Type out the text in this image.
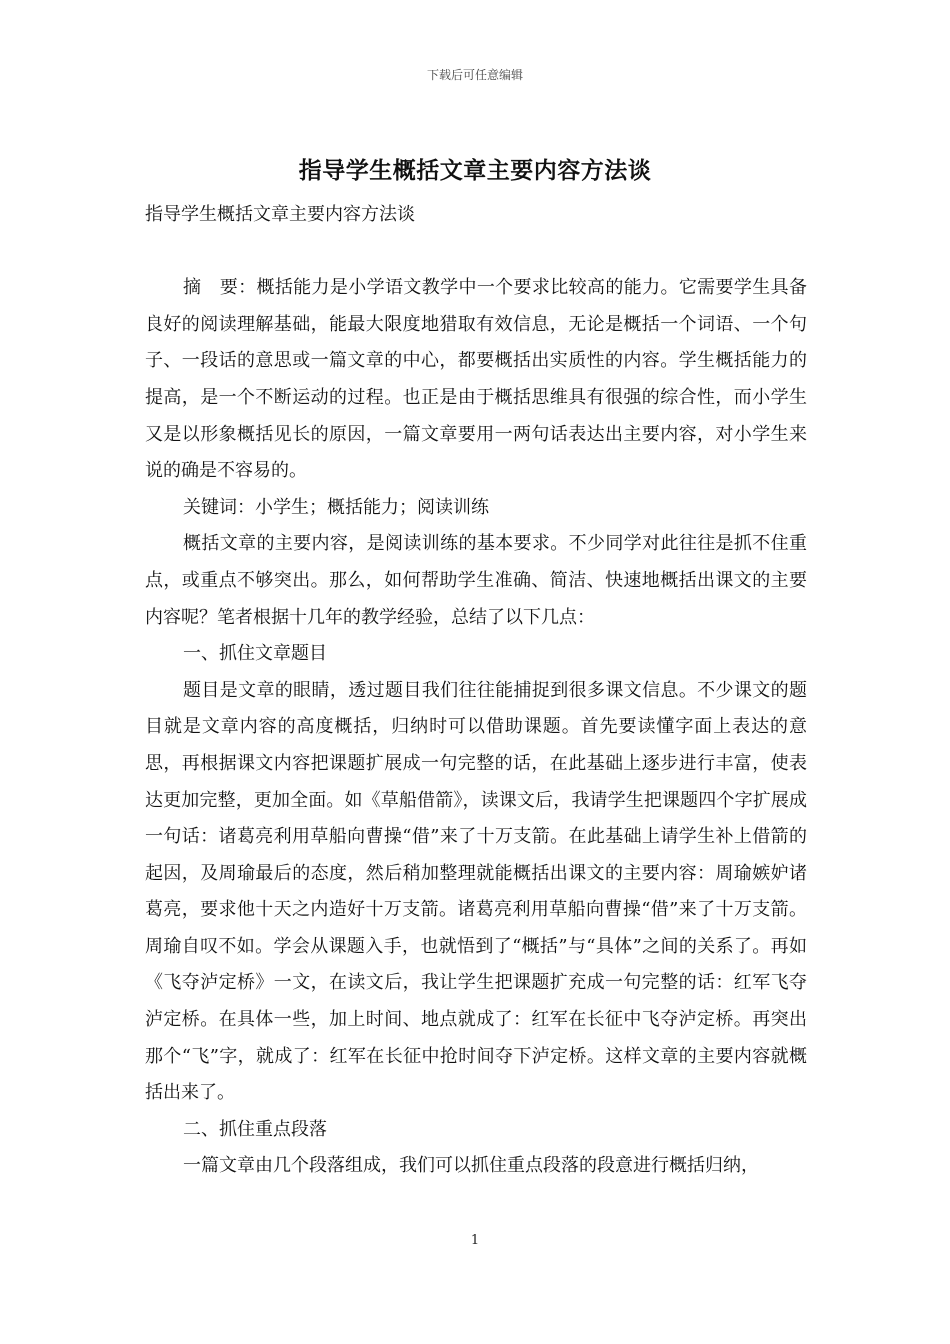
下载后可任意编辑
指导学生概括文章主要内容方法谈

指导学生概括文章主要内容方法谈

摘　要：概括能力是小学语文教学中一个要求比较高的能力。它需要学生具备良好的阅读理解基础，能最大限度地猎取有效信息，无论是概括一个词语、一个句子、一段话的意思或一篇文章的中心，都要概括出实质性的内容。学生概括能力的提高，是一个不断运动的过程。也正是由于概括思维具有很强的综合性，而小学生又是以形象概括见长的原因，一篇文章要用一两句话表达出主要内容，对小学生来说的确是不容易的。

关键词：小学生；概括能力；阅读训练

概括文章的主要内容，是阅读训练的基本要求。不少同学对此往往是抓不住重点，或重点不够突出。那么，如何帮助学生准确、简洁、快速地概括出课文的主要内容呢？笔者根据十几年的教学经验，总结了以下几点：

一、抓住文章题目

题目是文章的眼睛，透过题目我们往往能捕捉到很多课文信息。不少课文的题目就是文章内容的高度概括，归纳时可以借助课题。首先要读懂字面上表达的意思，再根据课文内容把课题扩展成一句完整的话，在此基础上逐步进行丰富，使表达更加完整，更加全面。如《草船借箭》，读课文后，我请学生把课题四个字扩展成一句话：诸葛亮利用草船向曹操“借”来了十万支箭。在此基础上请学生补上借箭的起因，及周瑜最后的态度，然后稍加整理就能概括出课文的主要内容：周瑜嫉妒诸葛亮，要求他十天之内造好十万支箭。诸葛亮利用草船向曹操“借”来了十万支箭。周瑜自叹不如。学会从课题入手，也就悟到了“概括”与“具体”之间的关系了。再如《飞夺泸定桥》一文，在读文后，我让学生把课题扩充成一句完整的话：红军飞夺泸定桥。在具体一些，加上时间、地点就成了：红军在长征中飞夺泸定桥。再突出那个“飞”字，就成了：红军在长征中抢时间夺下泸定桥。这样文章的主要内容就概括出来了。

二、抓住重点段落

一篇文章由几个段落组成，我们可以抓住重点段落的段意进行概括归纳，

1
